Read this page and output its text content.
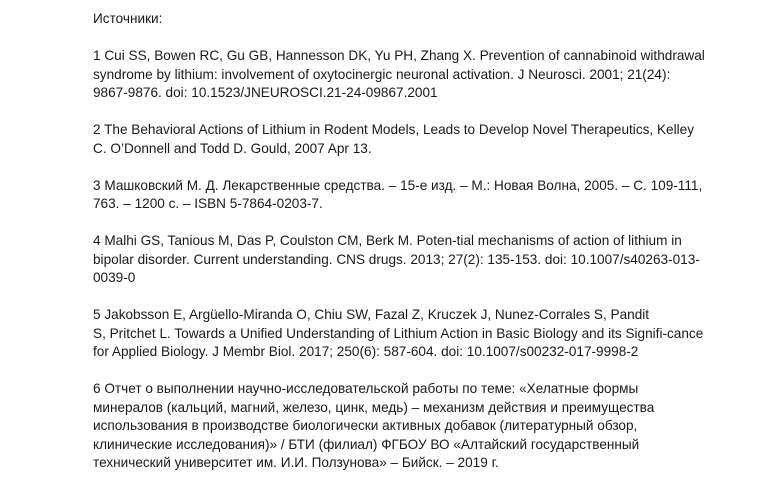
Источники:
1 Cui SS, Bowen RC, Gu GB, Hannesson DK, Yu PH, Zhang X. Prevention of cannabinoid withdrawal
syndrome by lithium: involvement of oxytocinergic neuronal activation. J Neurosci. 2001; 21(24):
9867-9876. doi: 10.1523/JNEUROSCI.21-24-09867.2001
2 The Behavioral Actions of Lithium in Rodent Models, Leads to Develop Novel Therapeutics, Kelley
C. O’Donnell and Todd D. Gould, 2007 Apr 13.
3 Машковский М. Д. Лекарственные средства. – 15-е изд. – М.: Новая Волна, 2005. – С. 109-111,
763. – 1200 с. – ISBN 5-7864-0203-7.
4 Malhi GS, Tanious M, Das P, Coulston CM, Berk M. Poten-tial mechanisms of action of lithium in
bipolar disorder. Current understanding. CNS drugs. 2013; 27(2): 135-153. doi: 10.1007/s40263-013-
0039-0
5 Jakobsson E, Argüello-Miranda O, Chiu SW, Fazal Z, Kruczek J, Nunez-Corrales S, Pandit
S, Pritchet L. Towards a Unified Understanding of Lithium Action in Basic Biology and its Signifi-cance
for Applied Biology. J Membr Biol. 2017; 250(6): 587-604. doi: 10.1007/s00232-017-9998-2
6 Отчет о выполнении научно-исследовательской работы по теме: «Хелатные формы
минералов (кальций, магний, железо, цинк, медь) – механизм действия и преимущества
использования в производстве биологически активных добавок (литературный обзор,
клинические исследования)» / БТИ (филиал) ФГБОУ ВО «Алтайский государственный
технический университет им. И.И. Ползунова» – Бийск. – 2019 г.
